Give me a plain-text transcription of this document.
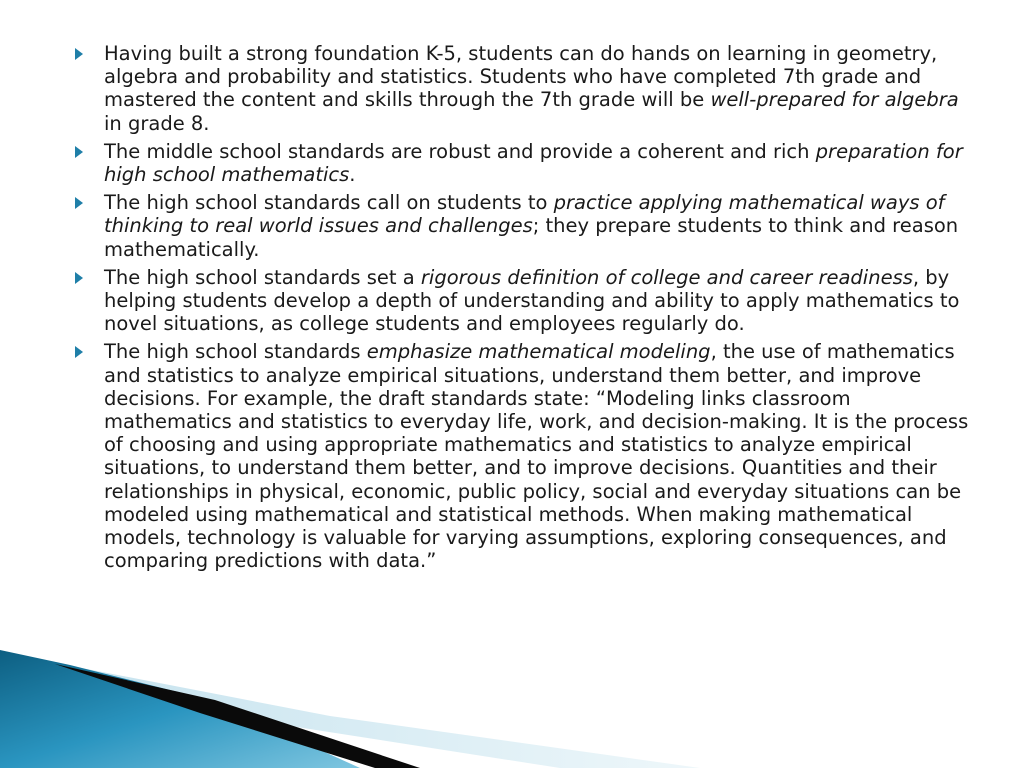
Having built a strong foundation K-5, students can do hands on learning in geometry, algebra and probability and statistics. Students who have completed 7th grade and mastered the content and skills through the 7th grade will be well-prepared for algebra in grade 8.
The middle school standards are robust and provide a coherent and rich preparation for high school mathematics.
The high school standards call on students to practice applying mathematical ways of thinking to real world issues and challenges; they prepare students to think and reason mathematically.
The high school standards set a rigorous definition of college and career readiness, by helping students develop a depth of understanding and ability to apply mathematics to novel situations, as college students and employees regularly do.
The high school standards emphasize mathematical modeling, the use of mathematics and statistics to analyze empirical situations, understand them better, and improve decisions. For example, the draft standards state: “Modeling links classroom mathematics and statistics to everyday life, work, and decision-making. It is the process of choosing and using appropriate mathematics and statistics to analyze empirical situations, to understand them better, and to improve decisions. Quantities and their relationships in physical, economic, public policy, social and everyday situations can be modeled using mathematical and statistical methods. When making mathematical models, technology is valuable for varying assumptions, exploring consequences, and comparing predictions with data.”
